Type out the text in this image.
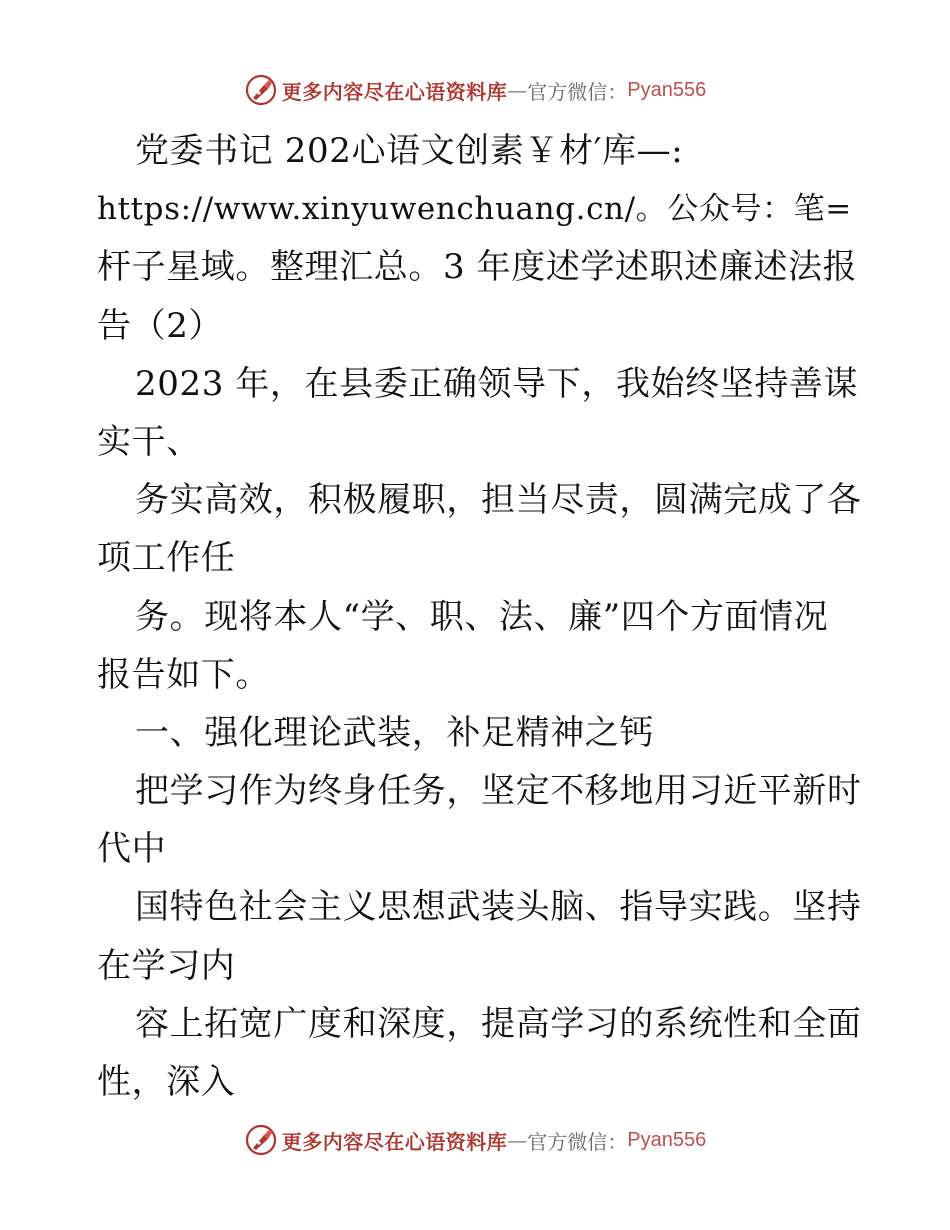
更多内容尽在心语资料库 — 官方微信： Pyan556
党委书记 202心语文创素￥材′库—:
https://www.xinyuwenchuang.cn/。公众号：笔=
杆子星域。整理汇总。3 年度述学述职述廉述法报
告（2）
2023 年，在县委正确领导下，我始终坚持善谋
实干、
务实高效，积极履职，担当尽责，圆满完成了各
项工作任
务。现将本人“学、职、法、廉”四个方面情况
报告如下。
一、强化理论武装，补足精神之钙
把学习作为终身任务，坚定不移地用习近平新时
代中
国特色社会主义思想武装头脑、指导实践。坚持
在学习内
容上拓宽广度和深度，提高学习的系统性和全面
性，深入
更多内容尽在心语资料库 — 官方微信： Pyan556
